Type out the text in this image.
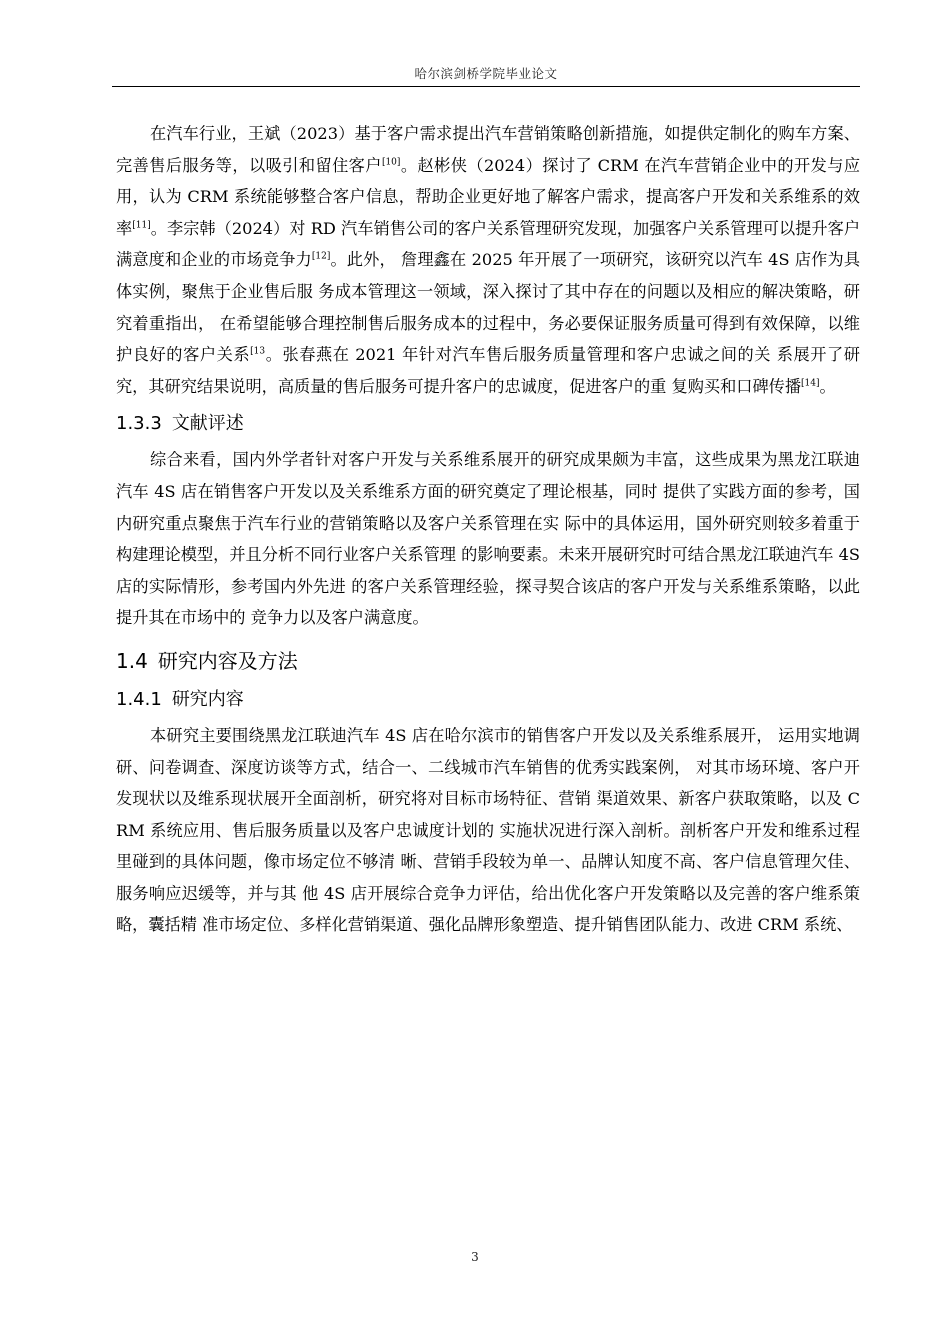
哈尔滨剑桥学院毕业论文

在汽车行业，王斌（2023）基于客户需求提出汽车营销策略创新措施，如提供定制化的购车方案、完善售后服务等，以吸引和留住客户[10]。赵彬侠（2024）探讨了 CRM 在汽车营销企业中的开发与应用，认为 CRM 系统能够整合客户信息，帮助企业更好地了解客户需求，提高客户开发和关系维系的效率[11]。李宗韩（2024）对 RD 汽车销售公司的客户关系管理研究发现，加强客户关系管理可以提升客户满意度和企业的市场竞争力[12]。此外， 詹理鑫在 2025 年开展了一项研究，该研究以汽车 4S 店作为具体实例，聚焦于企业售后服 务成本管理这一领域，深入探讨了其中存在的问题以及相应的解决策略，研究着重指出， 在希望能够合理控制售后服务成本的过程中，务必要保证服务质量可得到有效保障，以维 护良好的客户关系$^{[13}$。张春燕在 2021 年针对汽车售后服务质量管理和客户忠诚之间的关 系展开了研究，其研究结果说明，高质量的售后服务可提升客户的忠诚度，促进客户的重 复购买和口碑传播[14]。

1.3.3 文献评述

综合来看，国内外学者针对客户开发与关系维系展开的研究成果颇为丰富，这些成果为黑龙江联迪汽车 4S 店在销售客户开发以及关系维系方面的研究奠定了理论根基，同时 提供了实践方面的参考，国内研究重点聚焦于汽车行业的营销策略以及客户关系管理在实 际中的具体运用，国外研究则较多着重于构建理论模型，并且分析不同行业客户关系管理 的影响要素。未来开展研究时可结合黑龙江联迪汽车 4S 店的实际情形，参考国内外先进 的客户关系管理经验，探寻契合该店的客户开发与关系维系策略，以此提升其在市场中的 竞争力以及客户满意度。

1.4 研究内容及方法
1.4.1 研究内容

本研究主要围绕黑龙江联迪汽车 4S 店在哈尔滨市的销售客户开发以及关系维系展开， 运用实地调研、问卷调查、深度访谈等方式，结合一、二线城市汽车销售的优秀实践案例， 对其市场环境、客户开发现状以及维系现状展开全面剖析，研究将对目标市场特征、营销 渠道效果、新客户获取策略，以及 CRM 系统应用、售后服务质量以及客户忠诚度计划的 实施状况进行深入剖析。剖析客户开发和维系过程里碰到的具体问题，像市场定位不够清 晰、营销手段较为单一、品牌认知度不高、客户信息管理欠佳、服务响应迟缓等，并与其 他 4S 店开展综合竞争力评估，给出优化客户开发策略以及完善的客户维系策略，囊括精 准市场定位、多样化营销渠道、强化品牌形象塑造、提升销售团队能力、改进 CRM 系统、

3
